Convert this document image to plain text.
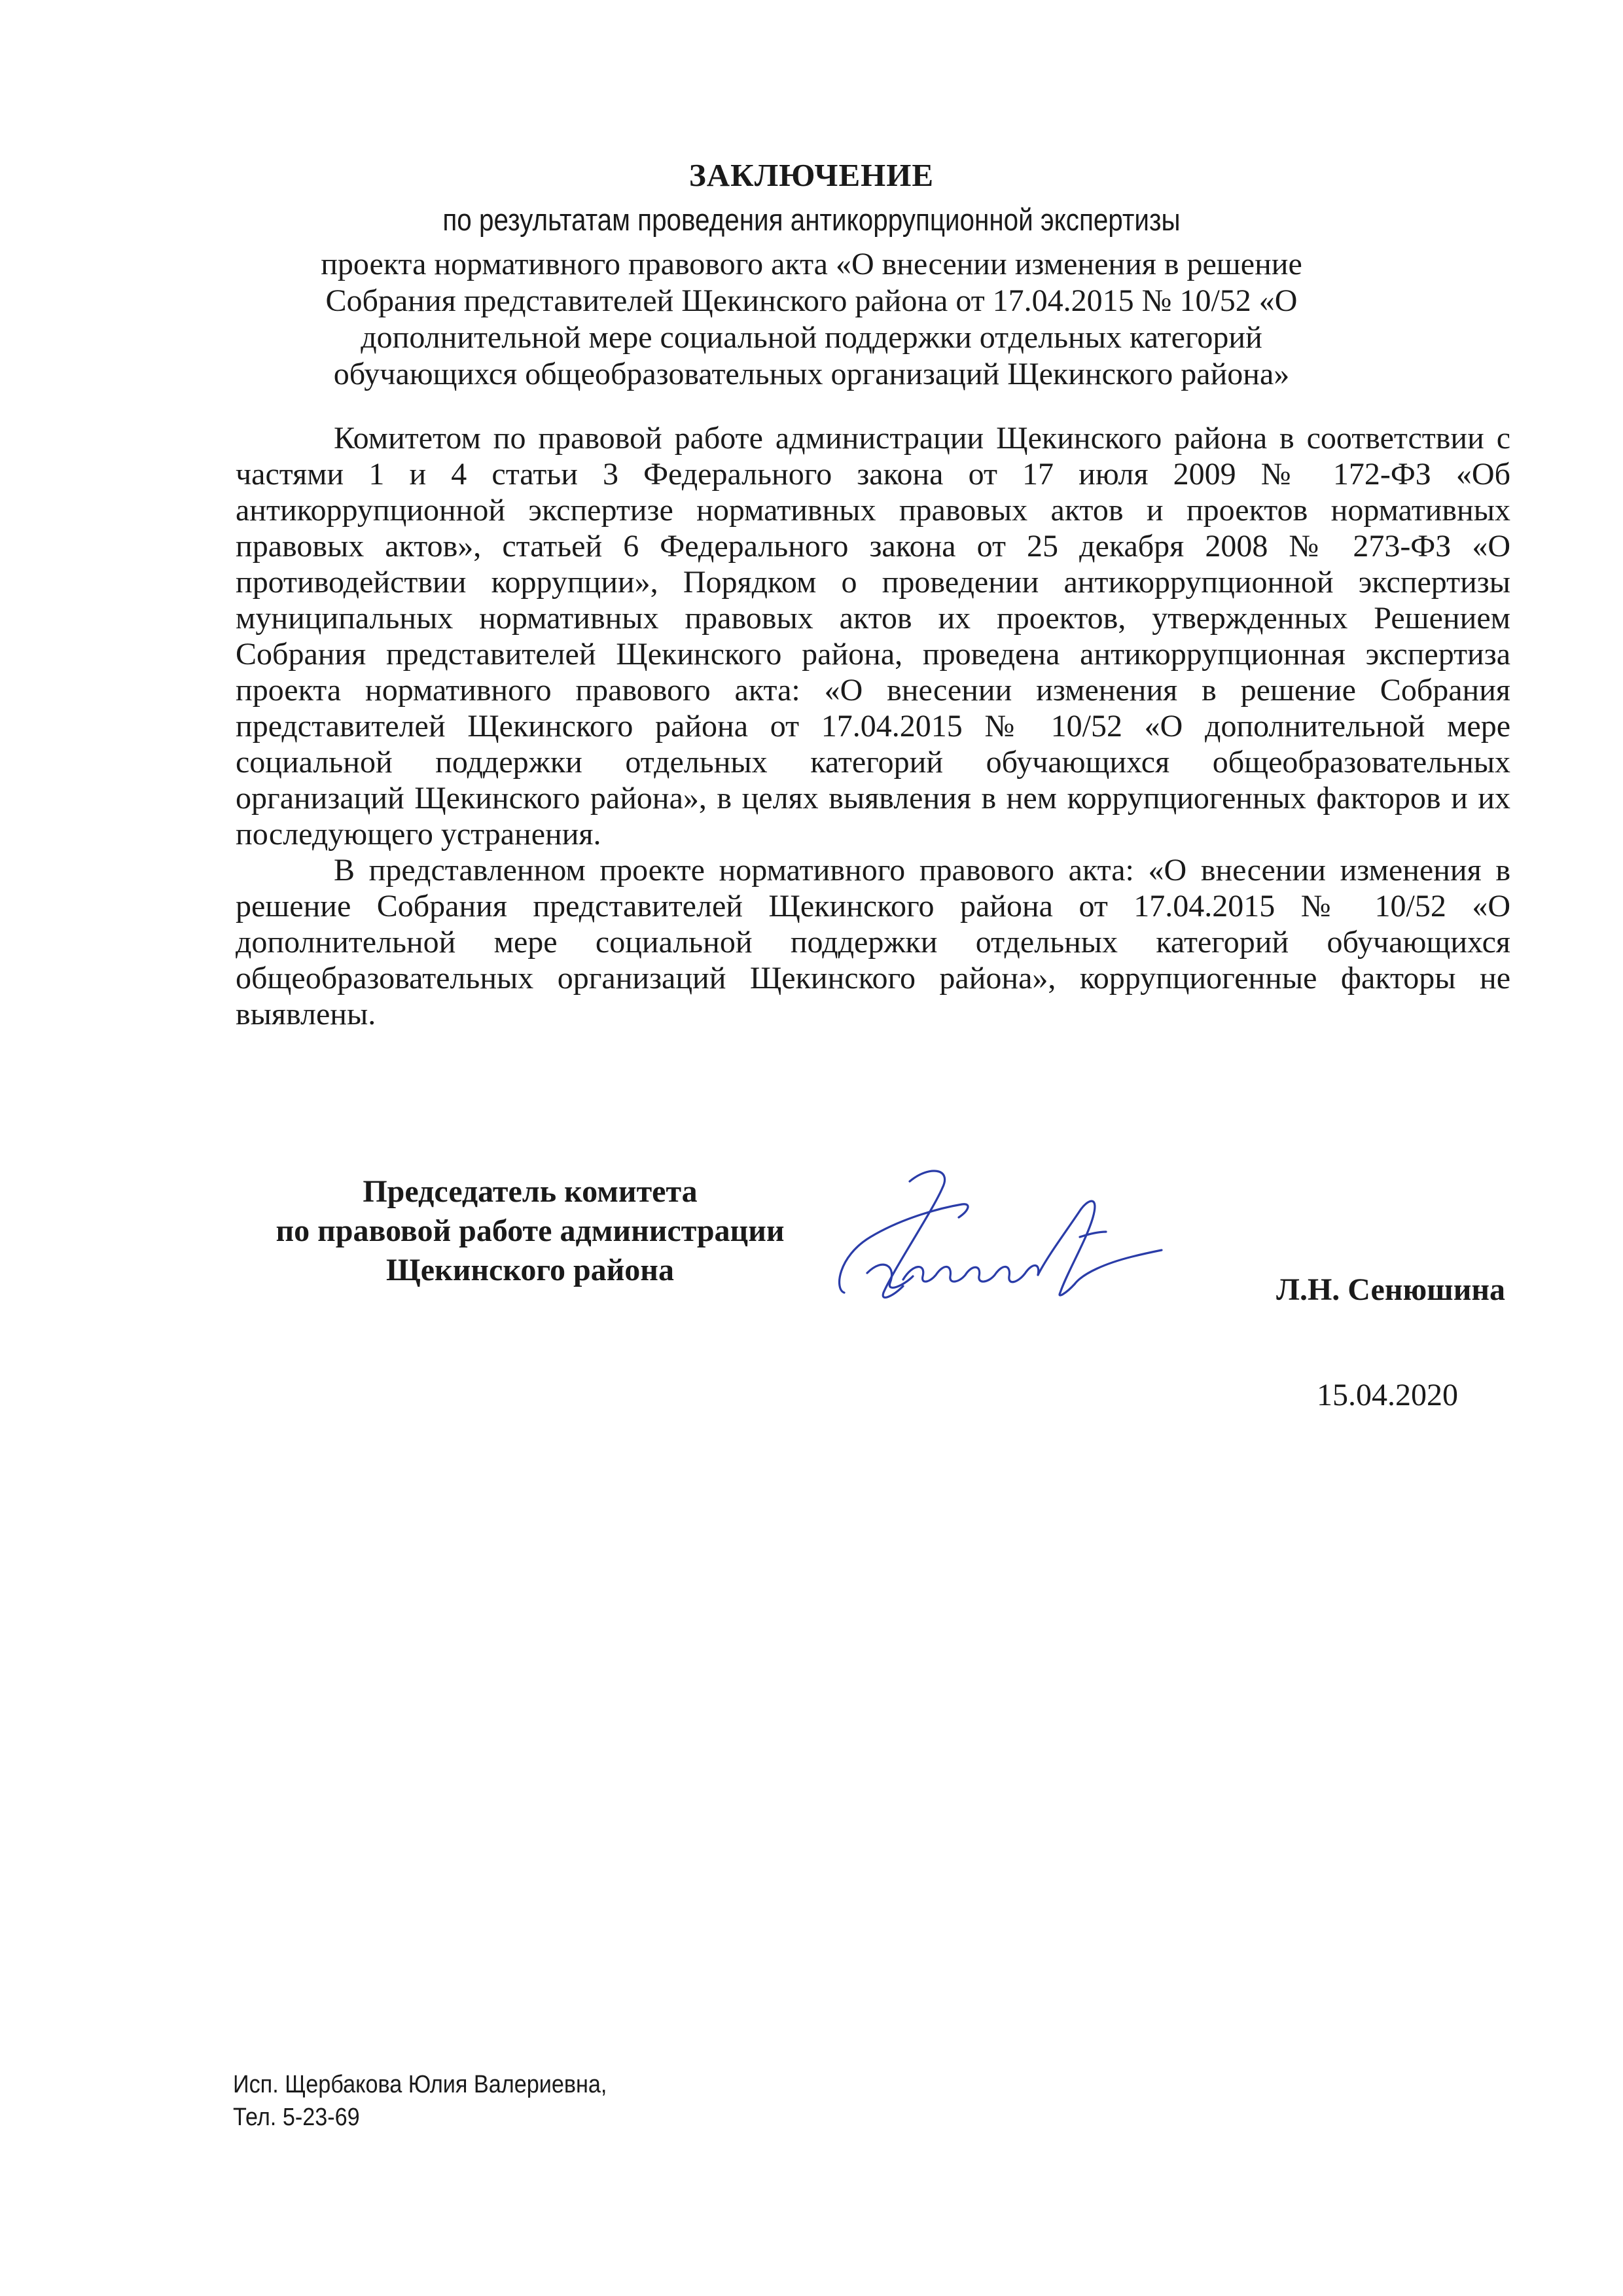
ЗАКЛЮЧЕНИЕ
по результатам проведения антикоррупционной экспертизы
проекта нормативного правового акта «О внесении изменения в решение Собрания представителей Щекинского района от 17.04.2015 № 10/52 «О дополнительной мере социальной поддержки отдельных категорий обучающихся общеобразовательных организаций Щекинского района»

Комитетом по правовой работе администрации Щекинского района в соответствии с частями 1 и 4 статьи 3 Федерального закона от 17 июля 2009 № 172-ФЗ «Об антикоррупционной экспертизе нормативных правовых актов и проектов нормативных правовых актов», статьей 6 Федерального закона от 25 декабря 2008 № 273-ФЗ «О противодействии коррупции», Порядком о проведении антикоррупционной экспертизы муниципальных нормативных правовых актов их проектов, утвержденных Решением Собрания представителей Щекинского района, проведена антикоррупционная экспертиза проекта нормативного правового акта: «О внесении изменения в решение Собрания представителей Щекинского района от 17.04.2015 № 10/52 «О дополнительной мере социальной поддержки отдельных категорий обучающихся общеобразовательных организаций Щекинского района», в целях выявления в нем коррупциогенных факторов и их последующего устранения.

В представленном проекте нормативного правового акта: «О внесении изменения в решение Собрания представителей Щекинского района от 17.04.2015 № 10/52 «О дополнительной мере социальной поддержки отдельных категорий обучающихся общеобразовательных организаций Щекинского района», коррупциогенные факторы не выявлены.

Председатель комитета
по правовой работе администрации
Щекинского района
Л.Н. Сенюшина
15.04.2020
Исп. Щербакова Юлия Валериевна,
Тел. 5-23-69
